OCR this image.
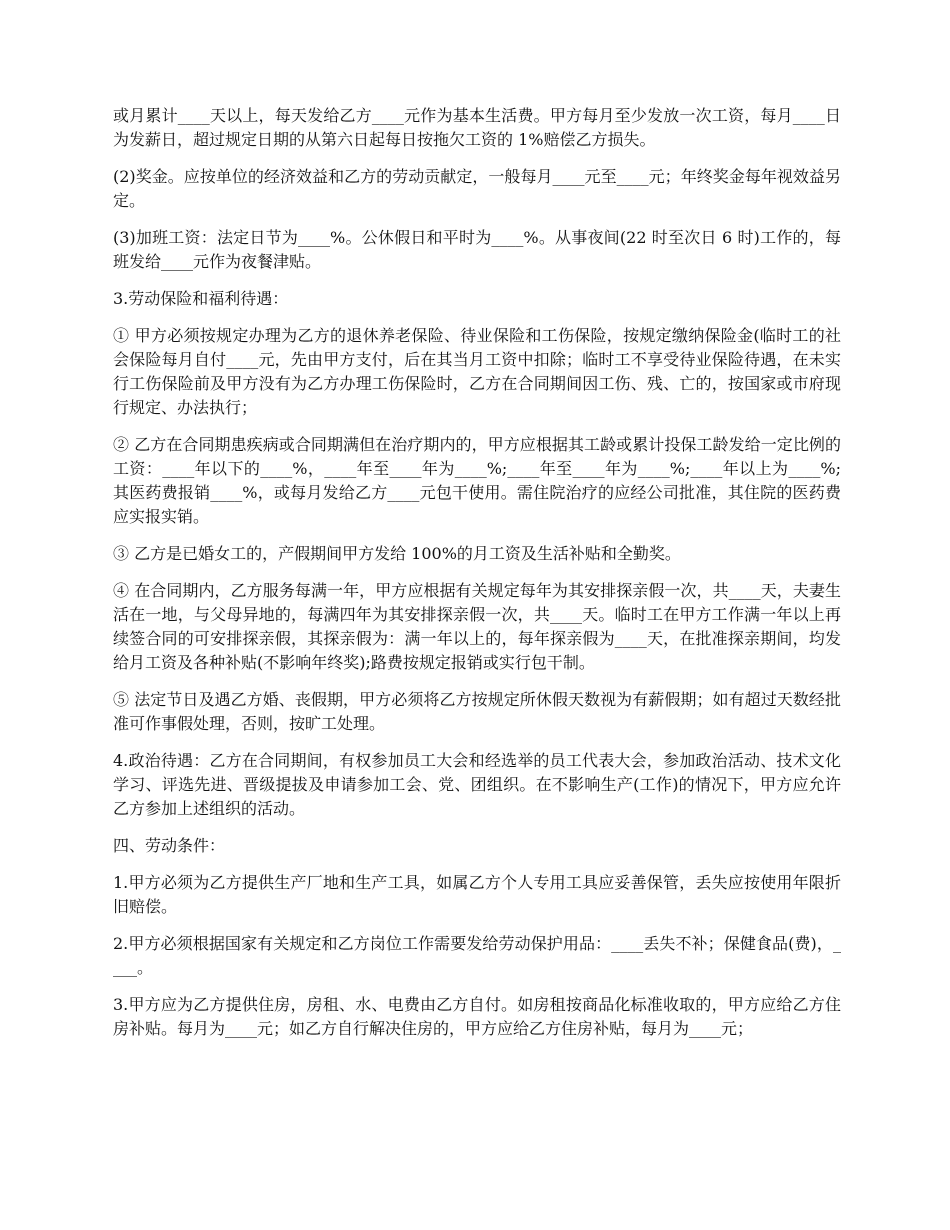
或月累计____天以上，每天发给乙方____元作为基本生活费。甲方每月至少发放一次工资，每月____日为发薪日，超过规定日期的从第六日起每日按拖欠工资的 1%赔偿乙方损失。

(2)奖金。应按单位的经济效益和乙方的劳动贡献定，一般每月____元至____元；年终奖金每年视效益另定。

(3)加班工资：法定日节为____%。公休假日和平时为____%。从事夜间(22 时至次日 6 时)工作的，每班发给____元作为夜餐津贴。

3.劳动保险和福利待遇：

① 甲方必须按规定办理为乙方的退休养老保险、待业保险和工伤保险，按规定缴纳保险金(临时工的社会保险每月自付____元，先由甲方支付，后在其当月工资中扣除；临时工不享受待业保险待遇，在未实行工伤保险前及甲方没有为乙方办理工伤保险时，乙方在合同期间因工伤、残、亡的，按国家或市府现行规定、办法执行；

② 乙方在合同期患疾病或合同期满但在治疗期内的，甲方应根据其工龄或累计投保工龄发给一定比例的工资：____年以下的____%，____年至____年为____%;____年至____年为____%;____年以上为____%;其医药费报销____%，或每月发给乙方____元包干使用。需住院治疗的应经公司批准，其住院的医药费应实报实销。

③ 乙方是已婚女工的，产假期间甲方发给 100%的月工资及生活补贴和全勤奖。

④ 在合同期内，乙方服务每满一年，甲方应根据有关规定每年为其安排探亲假一次，共____天，夫妻生活在一地，与父母异地的，每满四年为其安排探亲假一次，共____天。临时工在甲方工作满一年以上再续签合同的可安排探亲假，其探亲假为：满一年以上的，每年探亲假为____天，在批准探亲期间，均发给月工资及各种补贴(不影响年终奖);路费按规定报销或实行包干制。

⑤ 法定节日及遇乙方婚、丧假期，甲方必须将乙方按规定所休假天数视为有薪假期；如有超过天数经批准可作事假处理，否则，按旷工处理。

4.政治待遇：乙方在合同期间，有权参加员工大会和经选举的员工代表大会，参加政治活动、技术文化学习、评选先进、晋级提拔及申请参加工会、党、团组织。在不影响生产(工作)的情况下，甲方应允许乙方参加上述组织的活动。

四、劳动条件：

1.甲方必须为乙方提供生产厂地和生产工具，如属乙方个人专用工具应妥善保管，丢失应按使用年限折旧赔偿。

2.甲方必须根据国家有关规定和乙方岗位工作需要发给劳动保护用品：____丢失不补；保健食品(费)，____。

3.甲方应为乙方提供住房，房租、水、电费由乙方自付。如房租按商品化标准收取的，甲方应给乙方住房补贴。每月为____元；如乙方自行解决住房的，甲方应给乙方住房补贴，每月为____元；
